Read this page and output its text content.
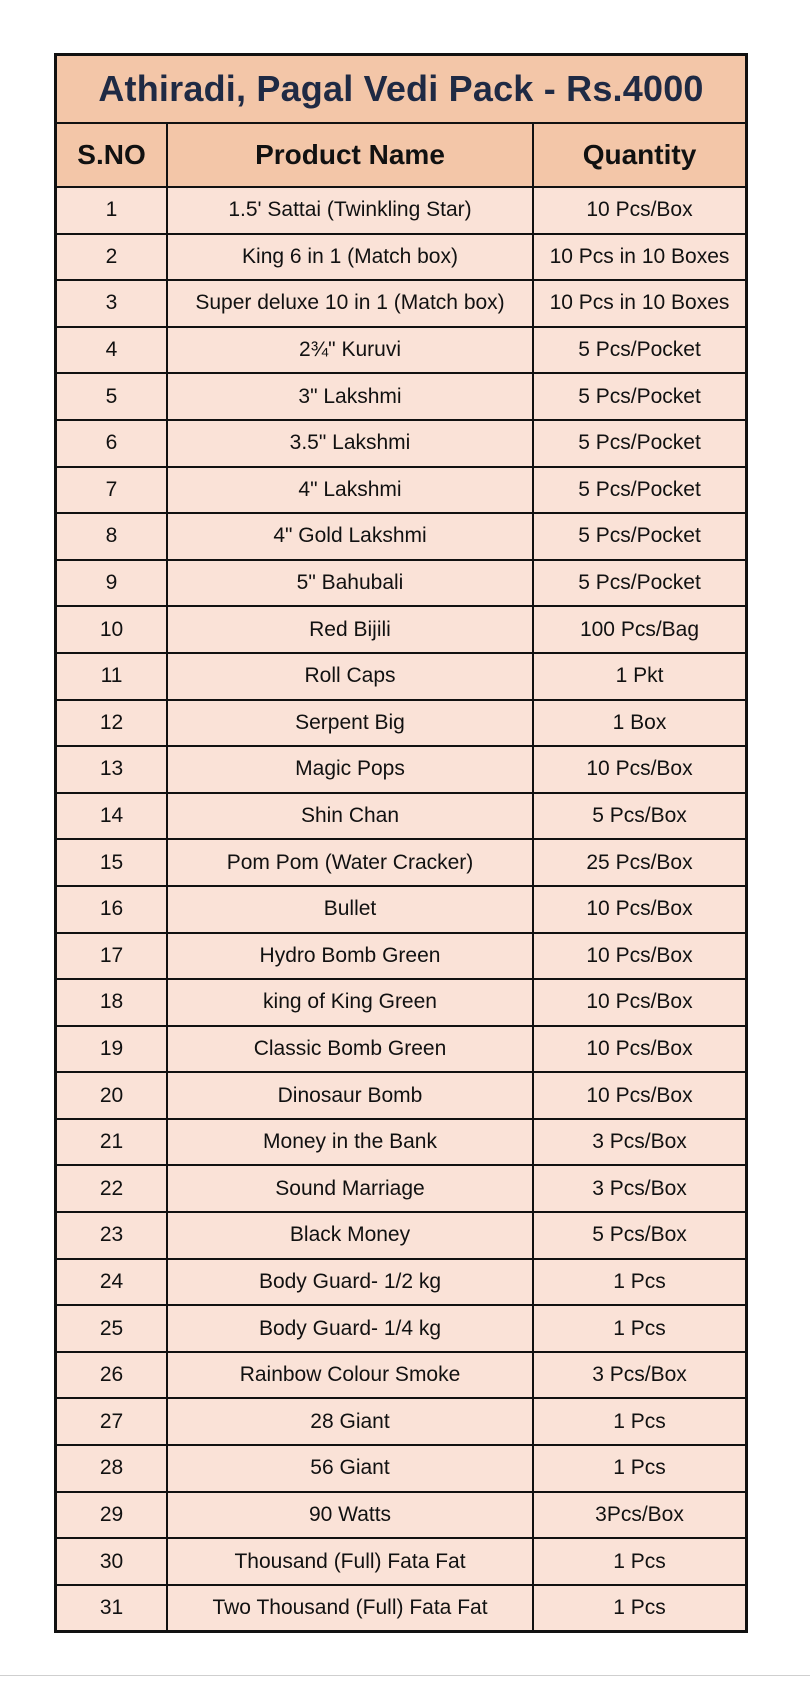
Athiradi, Pagal Vedi Pack - Rs.4000
S.NO	Product Name	Quantity
1	1.5' Sattai (Twinkling Star)	10 Pcs/Box
2	King 6 in 1 (Match box)	10 Pcs in 10 Boxes
3	Super deluxe 10 in 1 (Match box)	10 Pcs in 10 Boxes
4	2¾" Kuruvi	5 Pcs/Pocket
5	3" Lakshmi	5 Pcs/Pocket
6	3.5" Lakshmi	5 Pcs/Pocket
7	4" Lakshmi	5 Pcs/Pocket
8	4" Gold Lakshmi	5 Pcs/Pocket
9	5" Bahubali	5 Pcs/Pocket
10	Red Bijili	100 Pcs/Bag
11	Roll Caps	1 Pkt
12	Serpent Big	1 Box
13	Magic Pops	10 Pcs/Box
14	Shin Chan	5 Pcs/Box
15	Pom Pom (Water Cracker)	25 Pcs/Box
16	Bullet	10 Pcs/Box
17	Hydro Bomb Green	10 Pcs/Box
18	king of King Green	10 Pcs/Box
19	Classic Bomb Green	10 Pcs/Box
20	Dinosaur Bomb	10 Pcs/Box
21	Money in the Bank	3 Pcs/Box
22	Sound Marriage	3 Pcs/Box
23	Black Money	5 Pcs/Box
24	Body Guard- 1/2 kg	1 Pcs
25	Body Guard- 1/4 kg	1 Pcs
26	Rainbow Colour Smoke	3 Pcs/Box
27	28 Giant	1 Pcs
28	56 Giant	1 Pcs
29	90 Watts	3Pcs/Box
30	Thousand (Full) Fata Fat	1 Pcs
31	Two Thousand (Full) Fata Fat	1 Pcs
